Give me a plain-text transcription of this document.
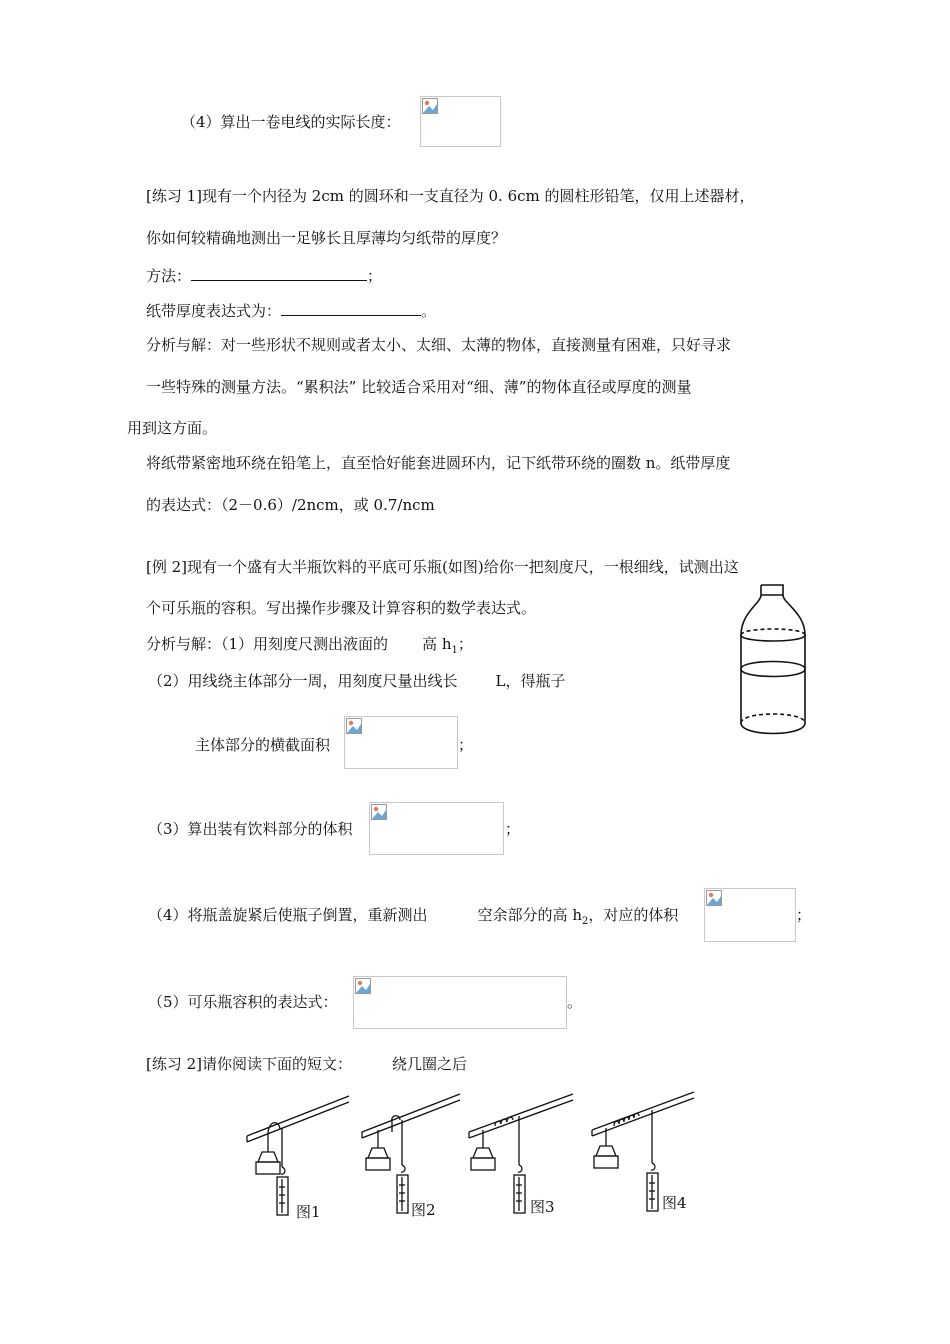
（4）算出一卷电线的实际长度：
[练习 1]现有一个内径为 2cm 的圆环和一支直径为 0. 6cm 的圆柱形铅笔，仅用上述器材，
你如何较精确地测出一足够长且厚薄均匀纸带的厚度？
方法：	；
纸带厚度表达式为：	。
分析与解：对一些形状不规则或者太小、太细、太薄的物体，直接测量有困难，只好寻求
一些特殊的测量方法。“累积法” 比较适合采用对“细、薄”的物体直径或厚度的测量
用到这方面。
将纸带紧密地环绕在铅笔上，直至恰好能套进圆环内，记下纸带环绕的圈数 n。纸带厚度
的表达式：（2－0.6）/2ncm，或 0.7/ncm
[例 2]现有一个盛有大半瓶饮料的平底可乐瓶(如图)给你一把刻度尺，一根细线，试测出这
个可乐瓶的容积。写出操作步骤及计算容积的数学表达式。
分析与解：（1）用刻度尺测出液面的 高 $h_1$；
（2）用线绕主体部分一周，用刻度尺量出线长	L，得瓶子
主体部分的横截面积	；
（3）算出装有饮料部分的体积	；
（4）将瓶盖旋紧后使瓶子倒置，重新测出	空余部分的高 $h_2$，对应的体积	；
（5）可乐瓶容积的表达式：	。
[练习 2]请你阅读下面的短文：	绕几圈之后
图1	图2	图3	图4
